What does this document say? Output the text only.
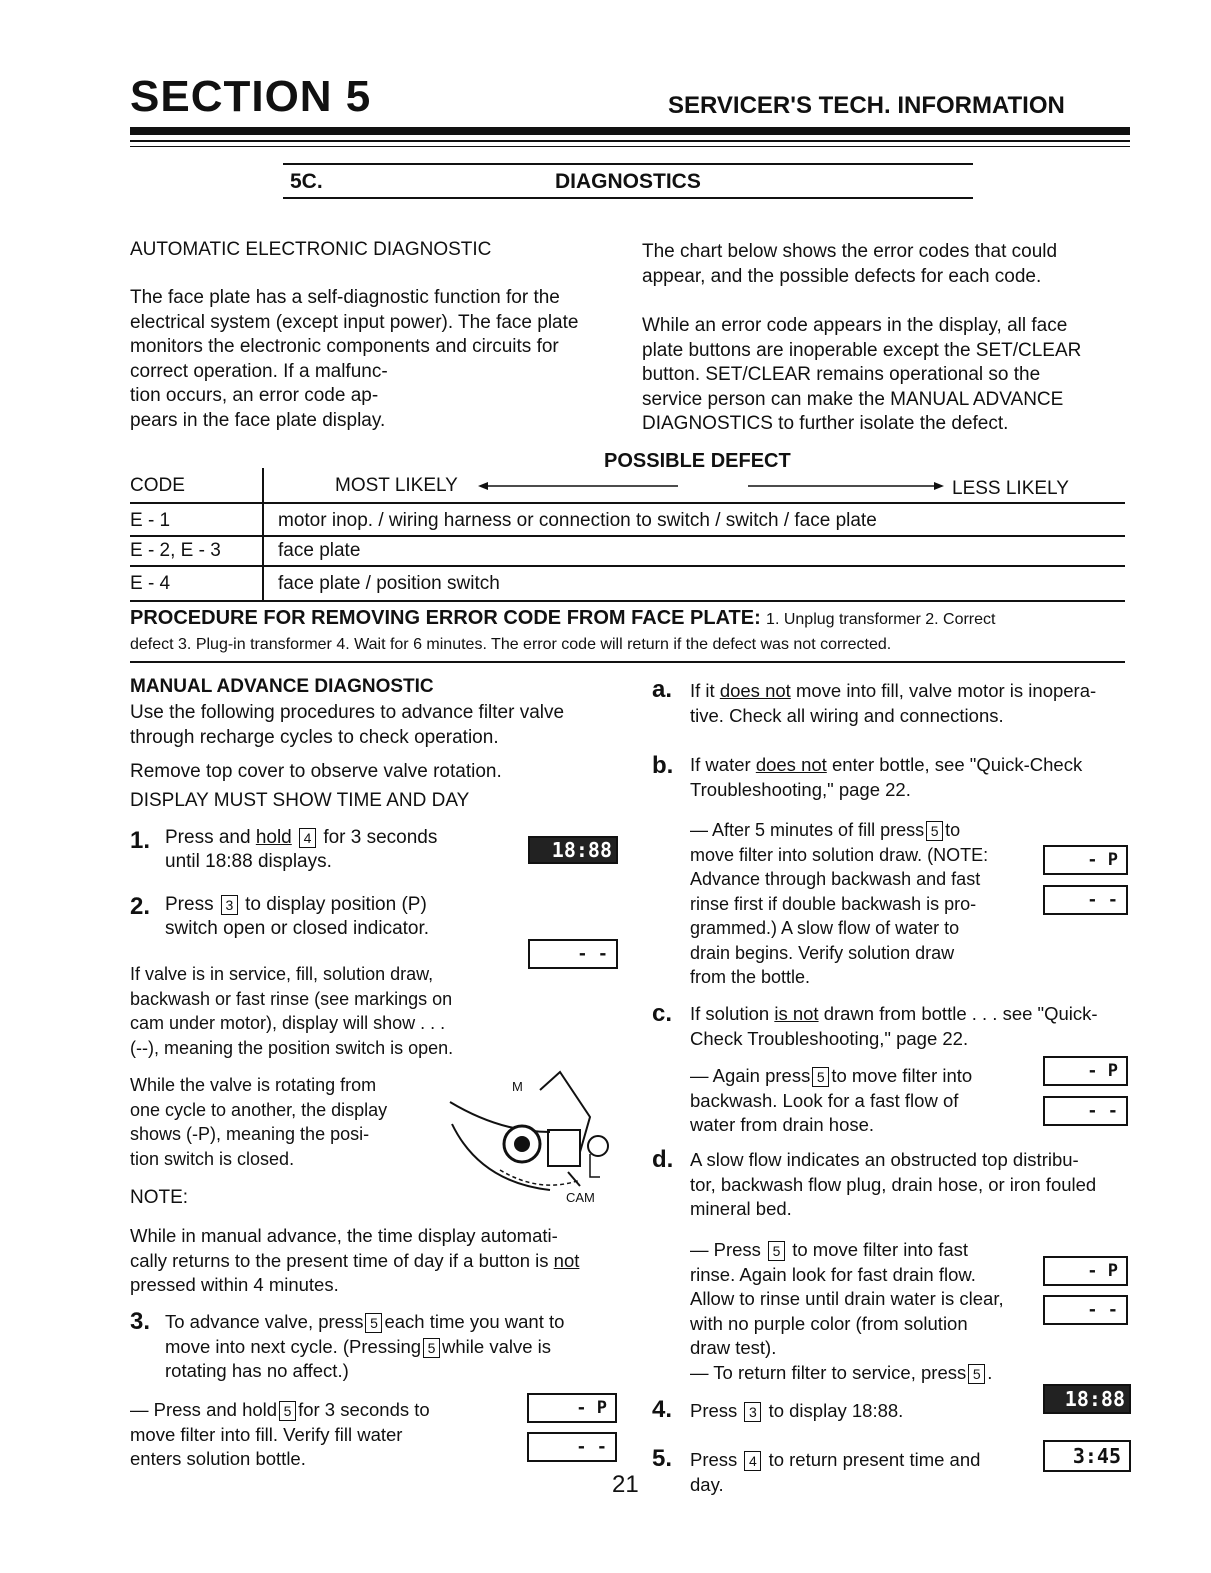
SECTION 5	SERVICER'S TECH. INFORMATION
5C.	DIAGNOSTICS
AUTOMATIC ELECTRONIC DIAGNOSTIC
The face plate has a self-diagnostic function for the
electrical system (except input power). The face plate
monitors the electronic components and circuits for
correct operation. If a malfunc-
tion occurs, an error code ap-
pears in the face plate display.
The chart below shows the error codes that could
appear, and the possible defects for each code.
While an error code appears in the display, all face
plate buttons are inoperable except the SET/CLEAR
button. SET/CLEAR remains operational so the
service person can make the MANUAL ADVANCE
DIAGNOSTICS to further isolate the defect.
POSSIBLE DEFECT
CODE	MOST LIKELY	LESS LIKELY
E - 1	motor inop. / wiring harness or connection to switch / switch / face plate
E - 2, E - 3	face plate
E - 4	face plate / position switch
PROCEDURE FOR REMOVING ERROR CODE FROM FACE PLATE: 1. Unplug transformer 2. Correct
defect 3. Plug-in transformer 4. Wait for 6 minutes. The error code will return if the defect was not corrected.
MANUAL ADVANCE DIAGNOSTIC
Use the following procedures to advance filter valve
through recharge cycles to check operation.
Remove top cover to observe valve rotation.
DISPLAY MUST SHOW TIME AND DAY
1. Press and hold 4 for 3 seconds
until 18:88 displays.	18:88
2. Press 3 to display position (P)
switch open or closed indicator.
- -
If valve is in service, fill, solution draw,
backwash or fast rinse (see markings on
cam under motor), display will show . . .
(--), meaning the position switch is open.
While the valve is rotating from
one cycle to another, the display
shows (-P), meaning the posi-
tion switch is closed.
M
CAM
NOTE:
While in manual advance, the time display automati-
cally returns to the present time of day if a button is not
pressed within 4 minutes.
3. To advance valve, press 5 each time you want to
move into next cycle. (Pressing 5 while valve is
rotating has no affect.)
— Press and hold 5 for 3 seconds to
move filter into fill. Verify fill water
enters solution bottle.
- P
- -
21
a. If it does not move into fill, valve motor is inopera-
tive. Check all wiring and connections.
b. If water does not enter bottle, see "Quick-Check
Troubleshooting," page 22.
— After 5 minutes of fill press 5 to
move filter into solution draw. (NOTE:
Advance through backwash and fast
rinse first if double backwash is pro-
grammed.) A slow flow of water to
drain begins. Verify solution draw
from the bottle.
- P
- -
c. If solution is not drawn from bottle . . . see "Quick-
Check Troubleshooting," page 22.
— Again press 5 to move filter into
backwash. Look for a fast flow of
water from drain hose.
- P
- -
d. A slow flow indicates an obstructed top distribu-
tor, backwash flow plug, drain hose, or iron fouled
mineral bed.
— Press 5 to move filter into fast
rinse. Again look for fast drain flow.
Allow to rinse until drain water is clear,
with no purple color (from solution
draw test).
— To return filter to service, press 5 .
- P
- -
4. Press 3 to display 18:88.	18:88
5. Press 4 to return present time and
day.
3:45
